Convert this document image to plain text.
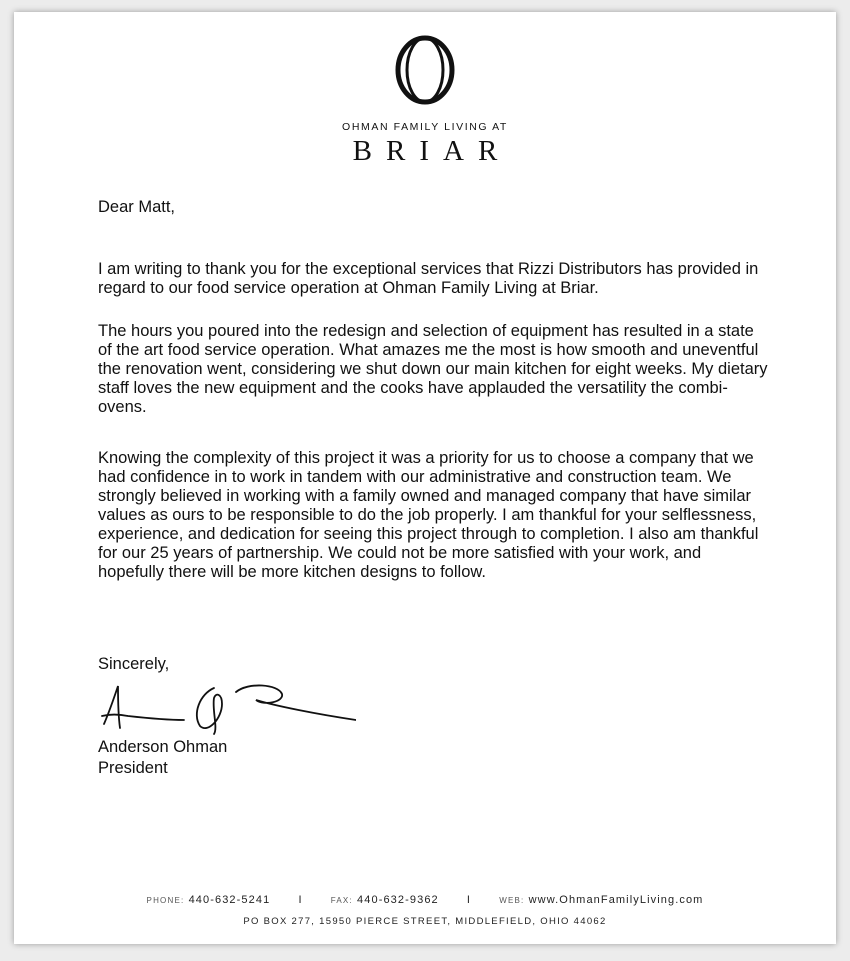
OHMAN FAMILY LIVING AT
BRIAR
Dear Matt,
I am writing to thank you for the exceptional services that Rizzi Distributors has provided in regard to our food service operation at Ohman Family Living at Briar.
The hours you poured into the redesign and selection of equipment has resulted in a state of the art food service operation. What amazes me the most is how smooth and uneventful the renovation went, considering we shut down our main kitchen for eight weeks. My dietary staff loves the new equipment and the cooks have applauded the versatility the combi-ovens.
Knowing the complexity of this project it was a priority for us to choose a company that we had confidence in to work in tandem with our administrative and construction team. We strongly believed in working with a family owned and managed company that have similar values as ours to be responsible to do the job properly. I am thankful for your selflessness, experience, and dedication for seeing this project through to completion. I also am thankful for our 25 years of partnership. We could not be more satisfied with your work, and hopefully there will be more kitchen designs to follow.
Sincerely,
Anderson Ohman
President
PHONE: 440-632-5241	I	FAX: 440-632-9362	I	WEB: www.OhmanFamilyLiving.com
PO BOX 277, 15950 PIERCE STREET, MIDDLEFIELD, OHIO 44062
